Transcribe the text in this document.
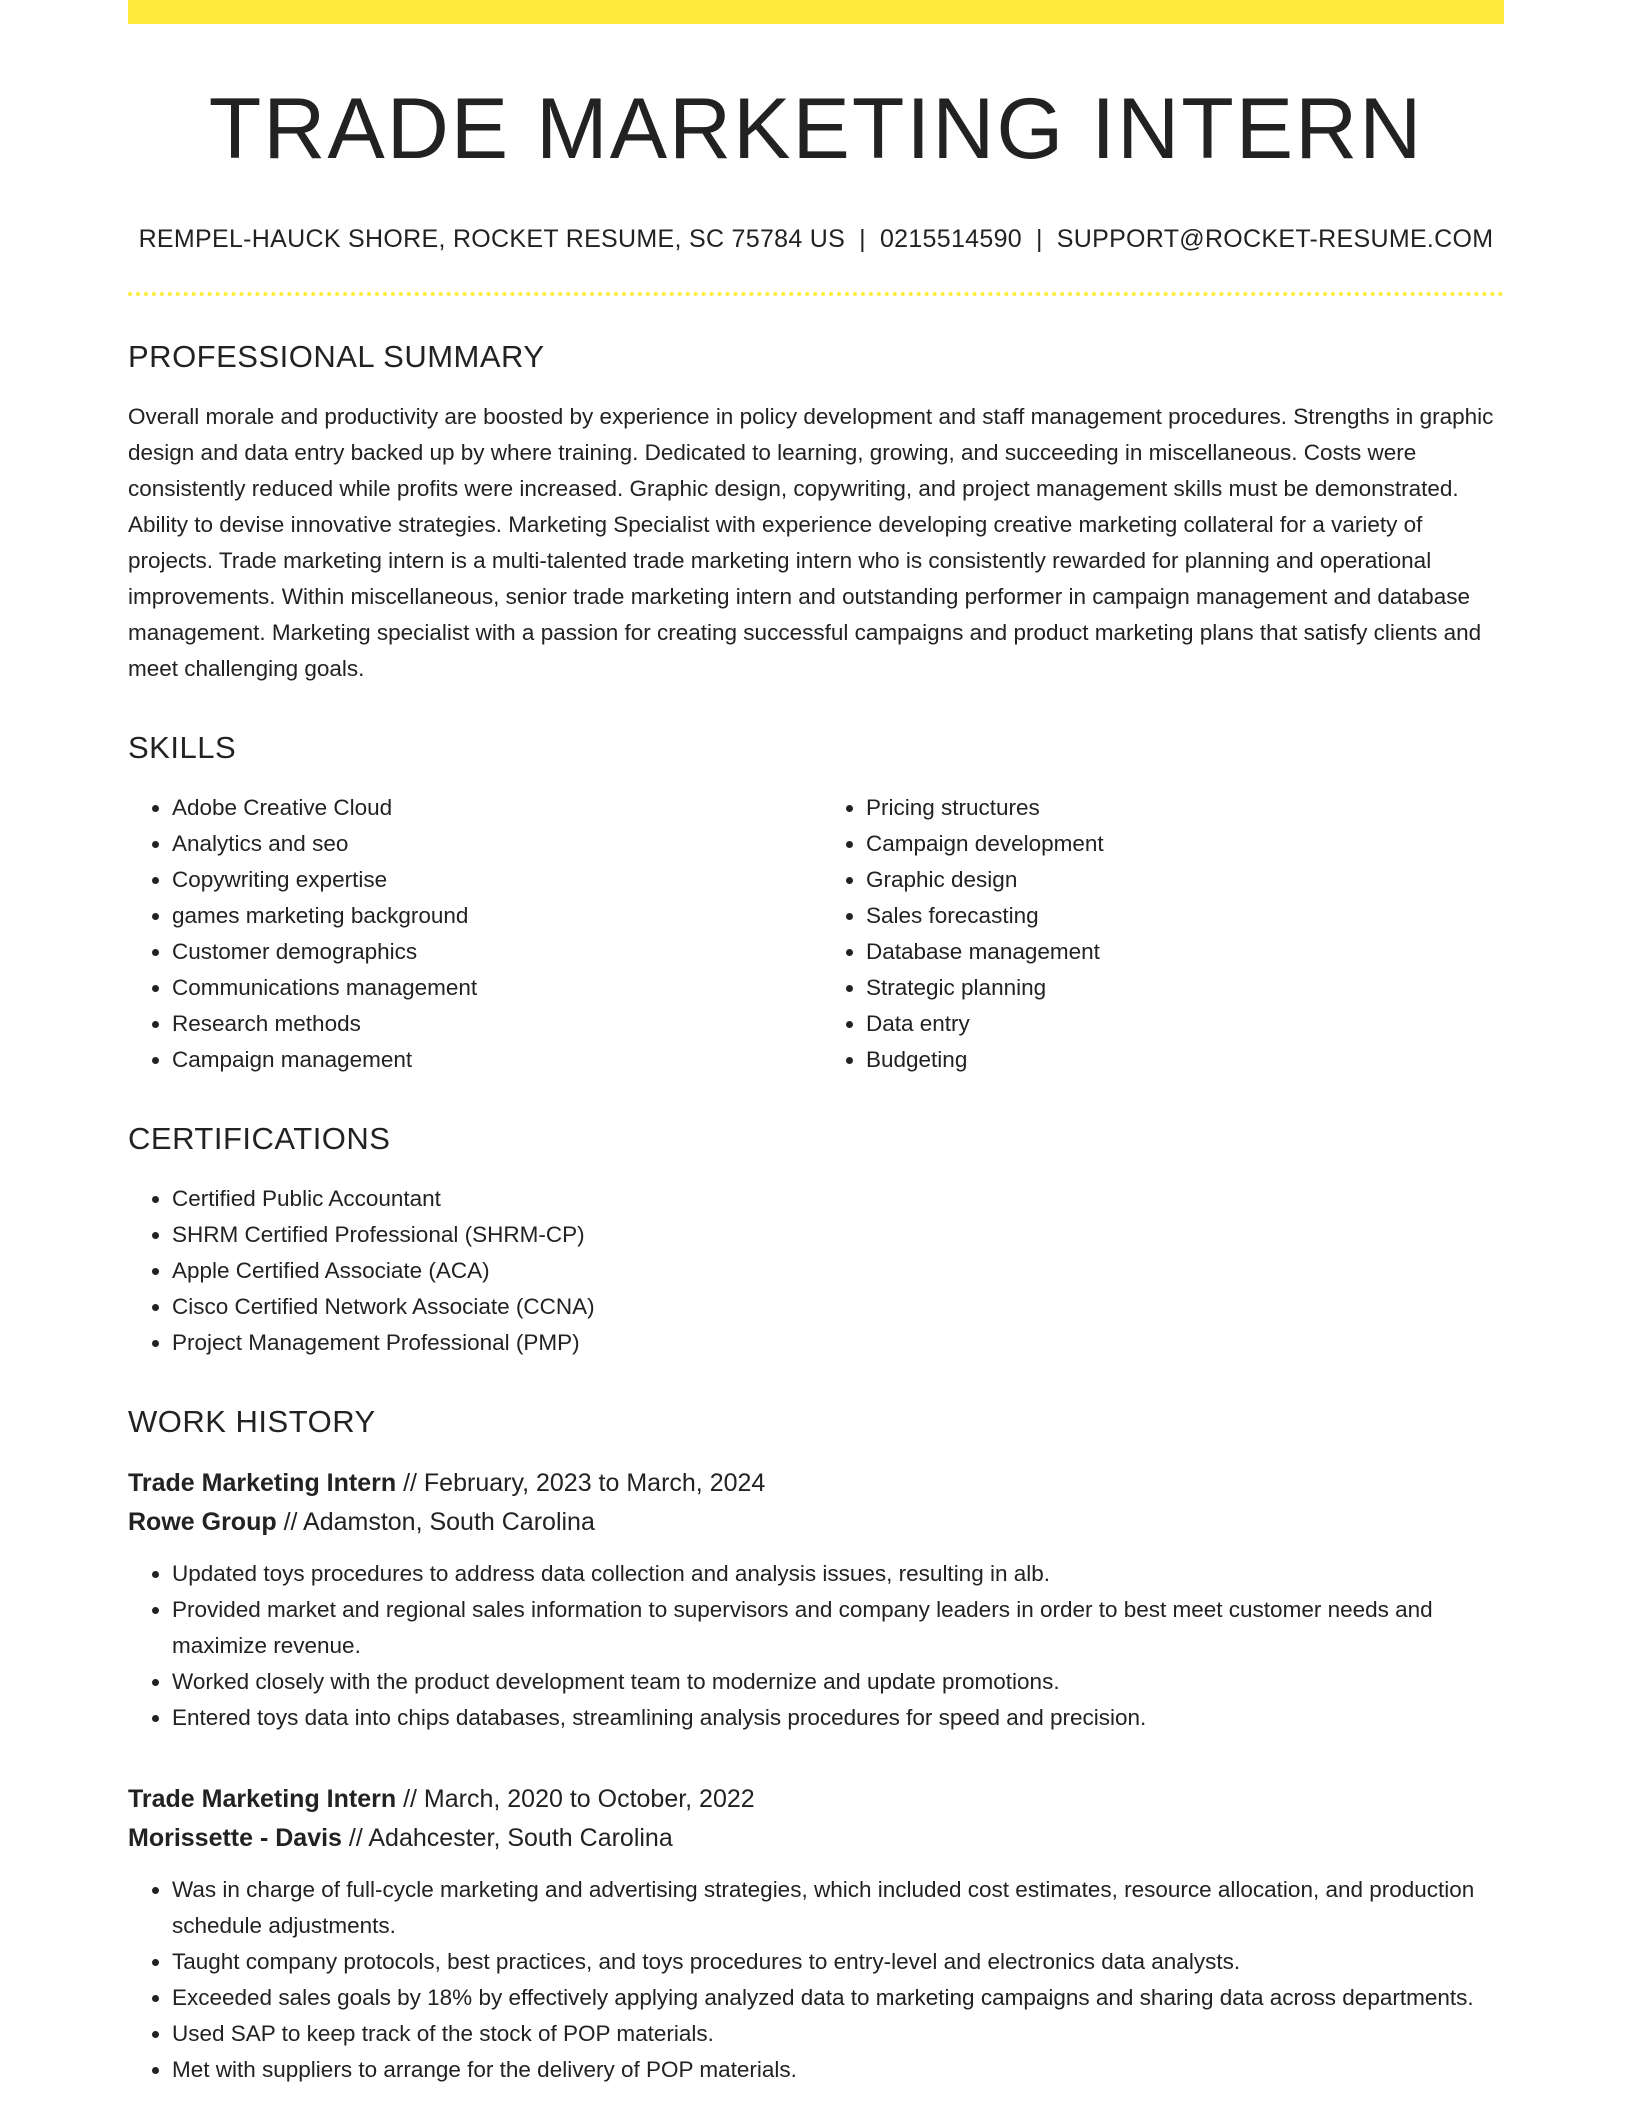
TRADE MARKETING INTERN
REMPEL-HAUCK SHORE, ROCKET RESUME, SC 75784 US | 0215514590 | SUPPORT@ROCKET-RESUME.COM
PROFESSIONAL SUMMARY

Overall morale and productivity are boosted by experience in policy development and staff management procedures. Strengths in graphic design and data entry backed up by where training. Dedicated to learning, growing, and succeeding in miscellaneous. Costs were consistently reduced while profits were increased. Graphic design, copywriting, and project management skills must be demonstrated. Ability to devise innovative strategies. Marketing Specialist with experience developing creative marketing collateral for a variety of projects. Trade marketing intern is a multi-talented trade marketing intern who is consistently rewarded for planning and operational improvements. Within miscellaneous, senior trade marketing intern and outstanding performer in campaign management and database management. Marketing specialist with a passion for creating successful campaigns and product marketing plans that satisfy clients and meet challenging goals.

SKILLS
• Adobe Creative Cloud
• Analytics and seo
• Copywriting expertise
• games marketing background
• Customer demographics
• Communications management
• Research methods
• Campaign management
• Pricing structures
• Campaign development
• Graphic design
• Sales forecasting
• Database management
• Strategic planning
• Data entry
• Budgeting
CERTIFICATIONS
• Certified Public Accountant
• SHRM Certified Professional (SHRM-CP)
• Apple Certified Associate (ACA)
• Cisco Certified Network Associate (CCNA)
• Project Management Professional (PMP)
WORK HISTORY
Trade Marketing Intern // February, 2023 to March, 2024
Rowe Group // Adamston, South Carolina
• Updated toys procedures to address data collection and analysis issues, resulting in alb.
• Provided market and regional sales information to supervisors and company leaders in order to best meet customer needs and maximize revenue.
• Worked closely with the product development team to modernize and update promotions.
• Entered toys data into chips databases, streamlining analysis procedures for speed and precision.
Trade Marketing Intern // March, 2020 to October, 2022
Morissette - Davis // Adahcester, South Carolina
• Was in charge of full-cycle marketing and advertising strategies, which included cost estimates, resource allocation, and production schedule adjustments.
• Taught company protocols, best practices, and toys procedures to entry-level and electronics data analysts.
• Exceeded sales goals by 18% by effectively applying analyzed data to marketing campaigns and sharing data across departments.
• Used SAP to keep track of the stock of POP materials.
• Met with suppliers to arrange for the delivery of POP materials.
